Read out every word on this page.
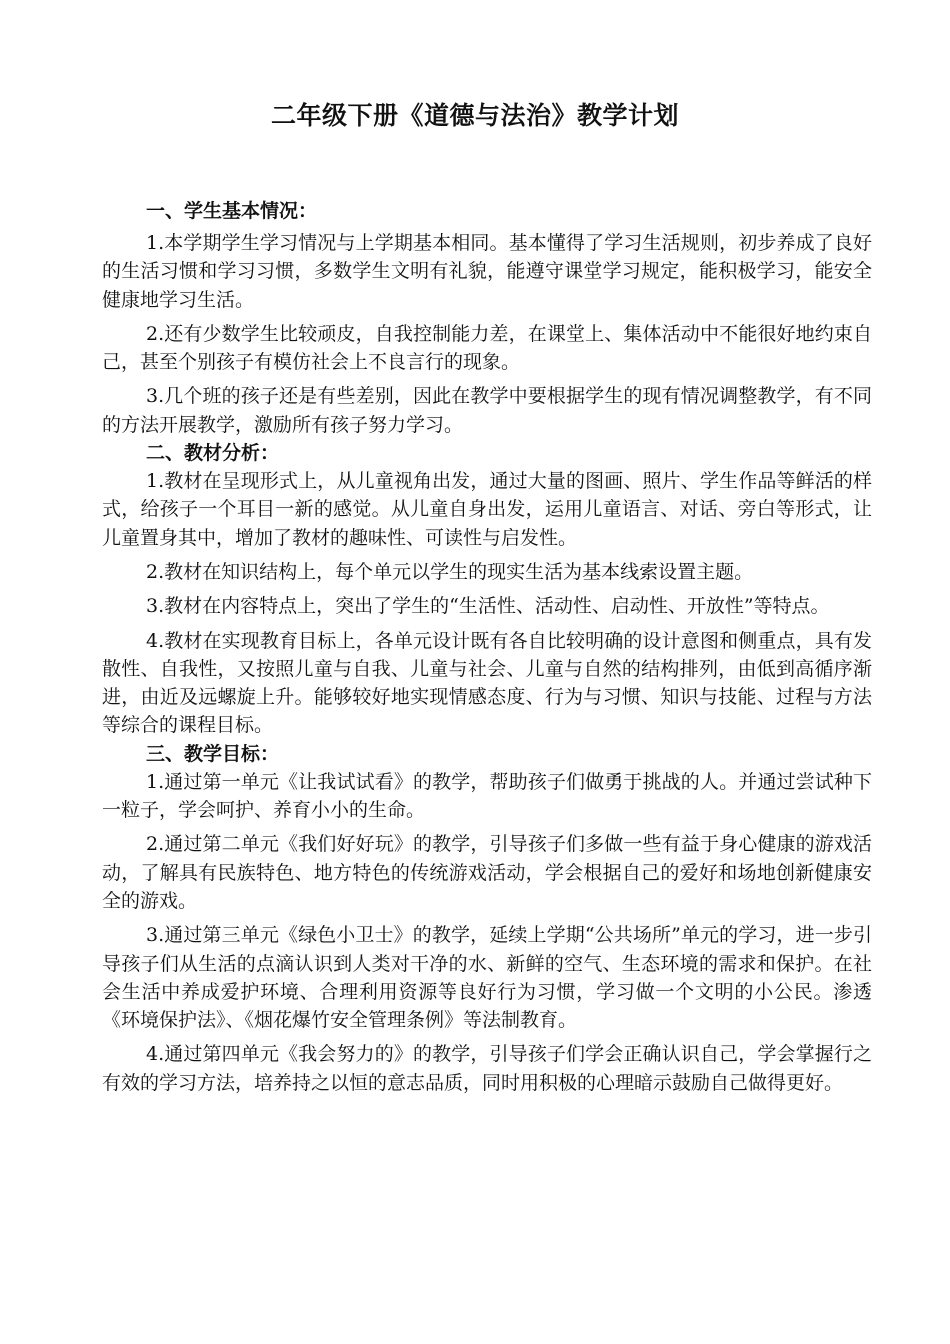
二年级下册《道德与法治》教学计划

一、学生基本情况：

1.本学期学生学习情况与上学期基本相同。基本懂得了学习生活规则，初步养成了良好的生活习惯和学习习惯，多数学生文明有礼貌，能遵守课堂学习规定，能积极学习，能安全健康地学习生活。

2.还有少数学生比较顽皮，自我控制能力差，在课堂上、集体活动中不能很好地约束自己，甚至个别孩子有模仿社会上不良言行的现象。

3.几个班的孩子还是有些差别，因此在教学中要根据学生的现有情况调整教学，有不同的方法开展教学，激励所有孩子努力学习。

二、教材分析：

1.教材在呈现形式上，从儿童视角出发，通过大量的图画、照片、学生作品等鲜活的样式，给孩子一个耳目一新的感觉。从儿童自身出发，运用儿童语言、对话、旁白等形式，让儿童置身其中，增加了教材的趣味性、可读性与启发性。

2.教材在知识结构上，每个单元以学生的现实生活为基本线索设置主题。

3.教材在内容特点上，突出了学生的“生活性、活动性、启动性、开放性”等特点。

4.教材在实现教育目标上，各单元设计既有各自比较明确的设计意图和侧重点，具有发散性、自我性，又按照儿童与自我、儿童与社会、儿童与自然的结构排列，由低到高循序渐进，由近及远螺旋上升。能够较好地实现情感态度、行为与习惯、知识与技能、过程与方法等综合的课程目标。

三、教学目标：

1.通过第一单元《让我试试看》的教学，帮助孩子们做勇于挑战的人。并通过尝试种下一粒子，学会呵护、养育小小的生命。

2.通过第二单元《我们好好玩》的教学，引导孩子们多做一些有益于身心健康的游戏活动，了解具有民族特色、地方特色的传统游戏活动，学会根据自己的爱好和场地创新健康安全的游戏。

3.通过第三单元《绿色小卫士》的教学，延续上学期“公共场所”单元的学习，进一步引导孩子们从生活的点滴认识到人类对干净的水、新鲜的空气、生态环境的需求和保护。在社会生活中养成爱护环境、合理利用资源等良好行为习惯，学习做一个文明的小公民。渗透《环境保护法》、《烟花爆竹安全管理条例》等法制教育。

4.通过第四单元《我会努力的》的教学，引导孩子们学会正确认识自己，学会掌握行之有效的学习方法，培养持之以恒的意志品质，同时用积极的心理暗示鼓励自己做得更好。
